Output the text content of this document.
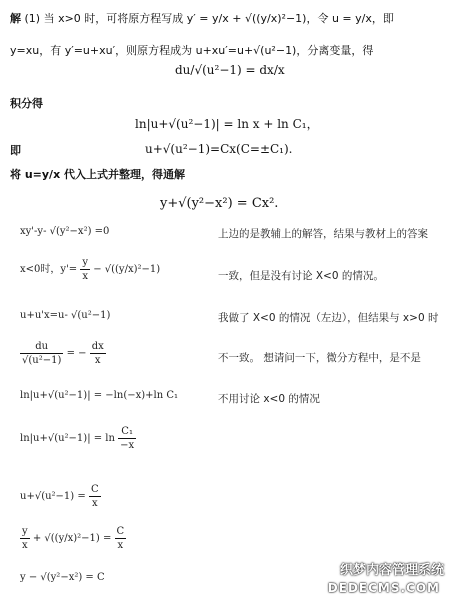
解 (1) 当 x>0 时，可将原方程写成 y′ = y/x + √((y/x)²−1)，令 u = y/x，即
y=xu，有 y′=u+xu′，则原方程成为 u+xu′=u+√(u²−1)，分离变量，得
du/√(u²−1) = dx/x
积分得
ln|u+√(u²−1)| = ln x + ln C₁，
即	u+√(u²−1)=Cx(C=±C₁).
将 u=y/x 代入上式并整理，得通解
y+√(y²−x²) = Cx².
xy'-y- √(y²−x²) =0
x<0时，$y'= \frac{y}{x} - √((y/x)^2-1)$
u+u'x=u- √(u²−1)
$\frac{du}{\text{√(u²−1)}}$ = − $\frac{dx}{x}$
ln|u+√(u²−1)| = −ln(−x)+ln C₁
$\ln|u+√(u^2-1)| = \ln \frac{\text{C₁}}{-x}$
$u+√(u^2-1) = \frac{C}{x}$
$\frac{y}{x} + √((y/x)^2-1) = \frac{C}{x}$
y − √(y²−x²) = C
上边的是教辅上的解答，结果与教材上的答案
一致，但是没有讨论 X<0 的情况。
我做了 X<0 的情况（左边），但结果与 x>0 时
不一致。 想请问一下，微分方程中，是不是
不用讨论 x<0 的情况
织梦内容管理系统
DEDECMS.COM
